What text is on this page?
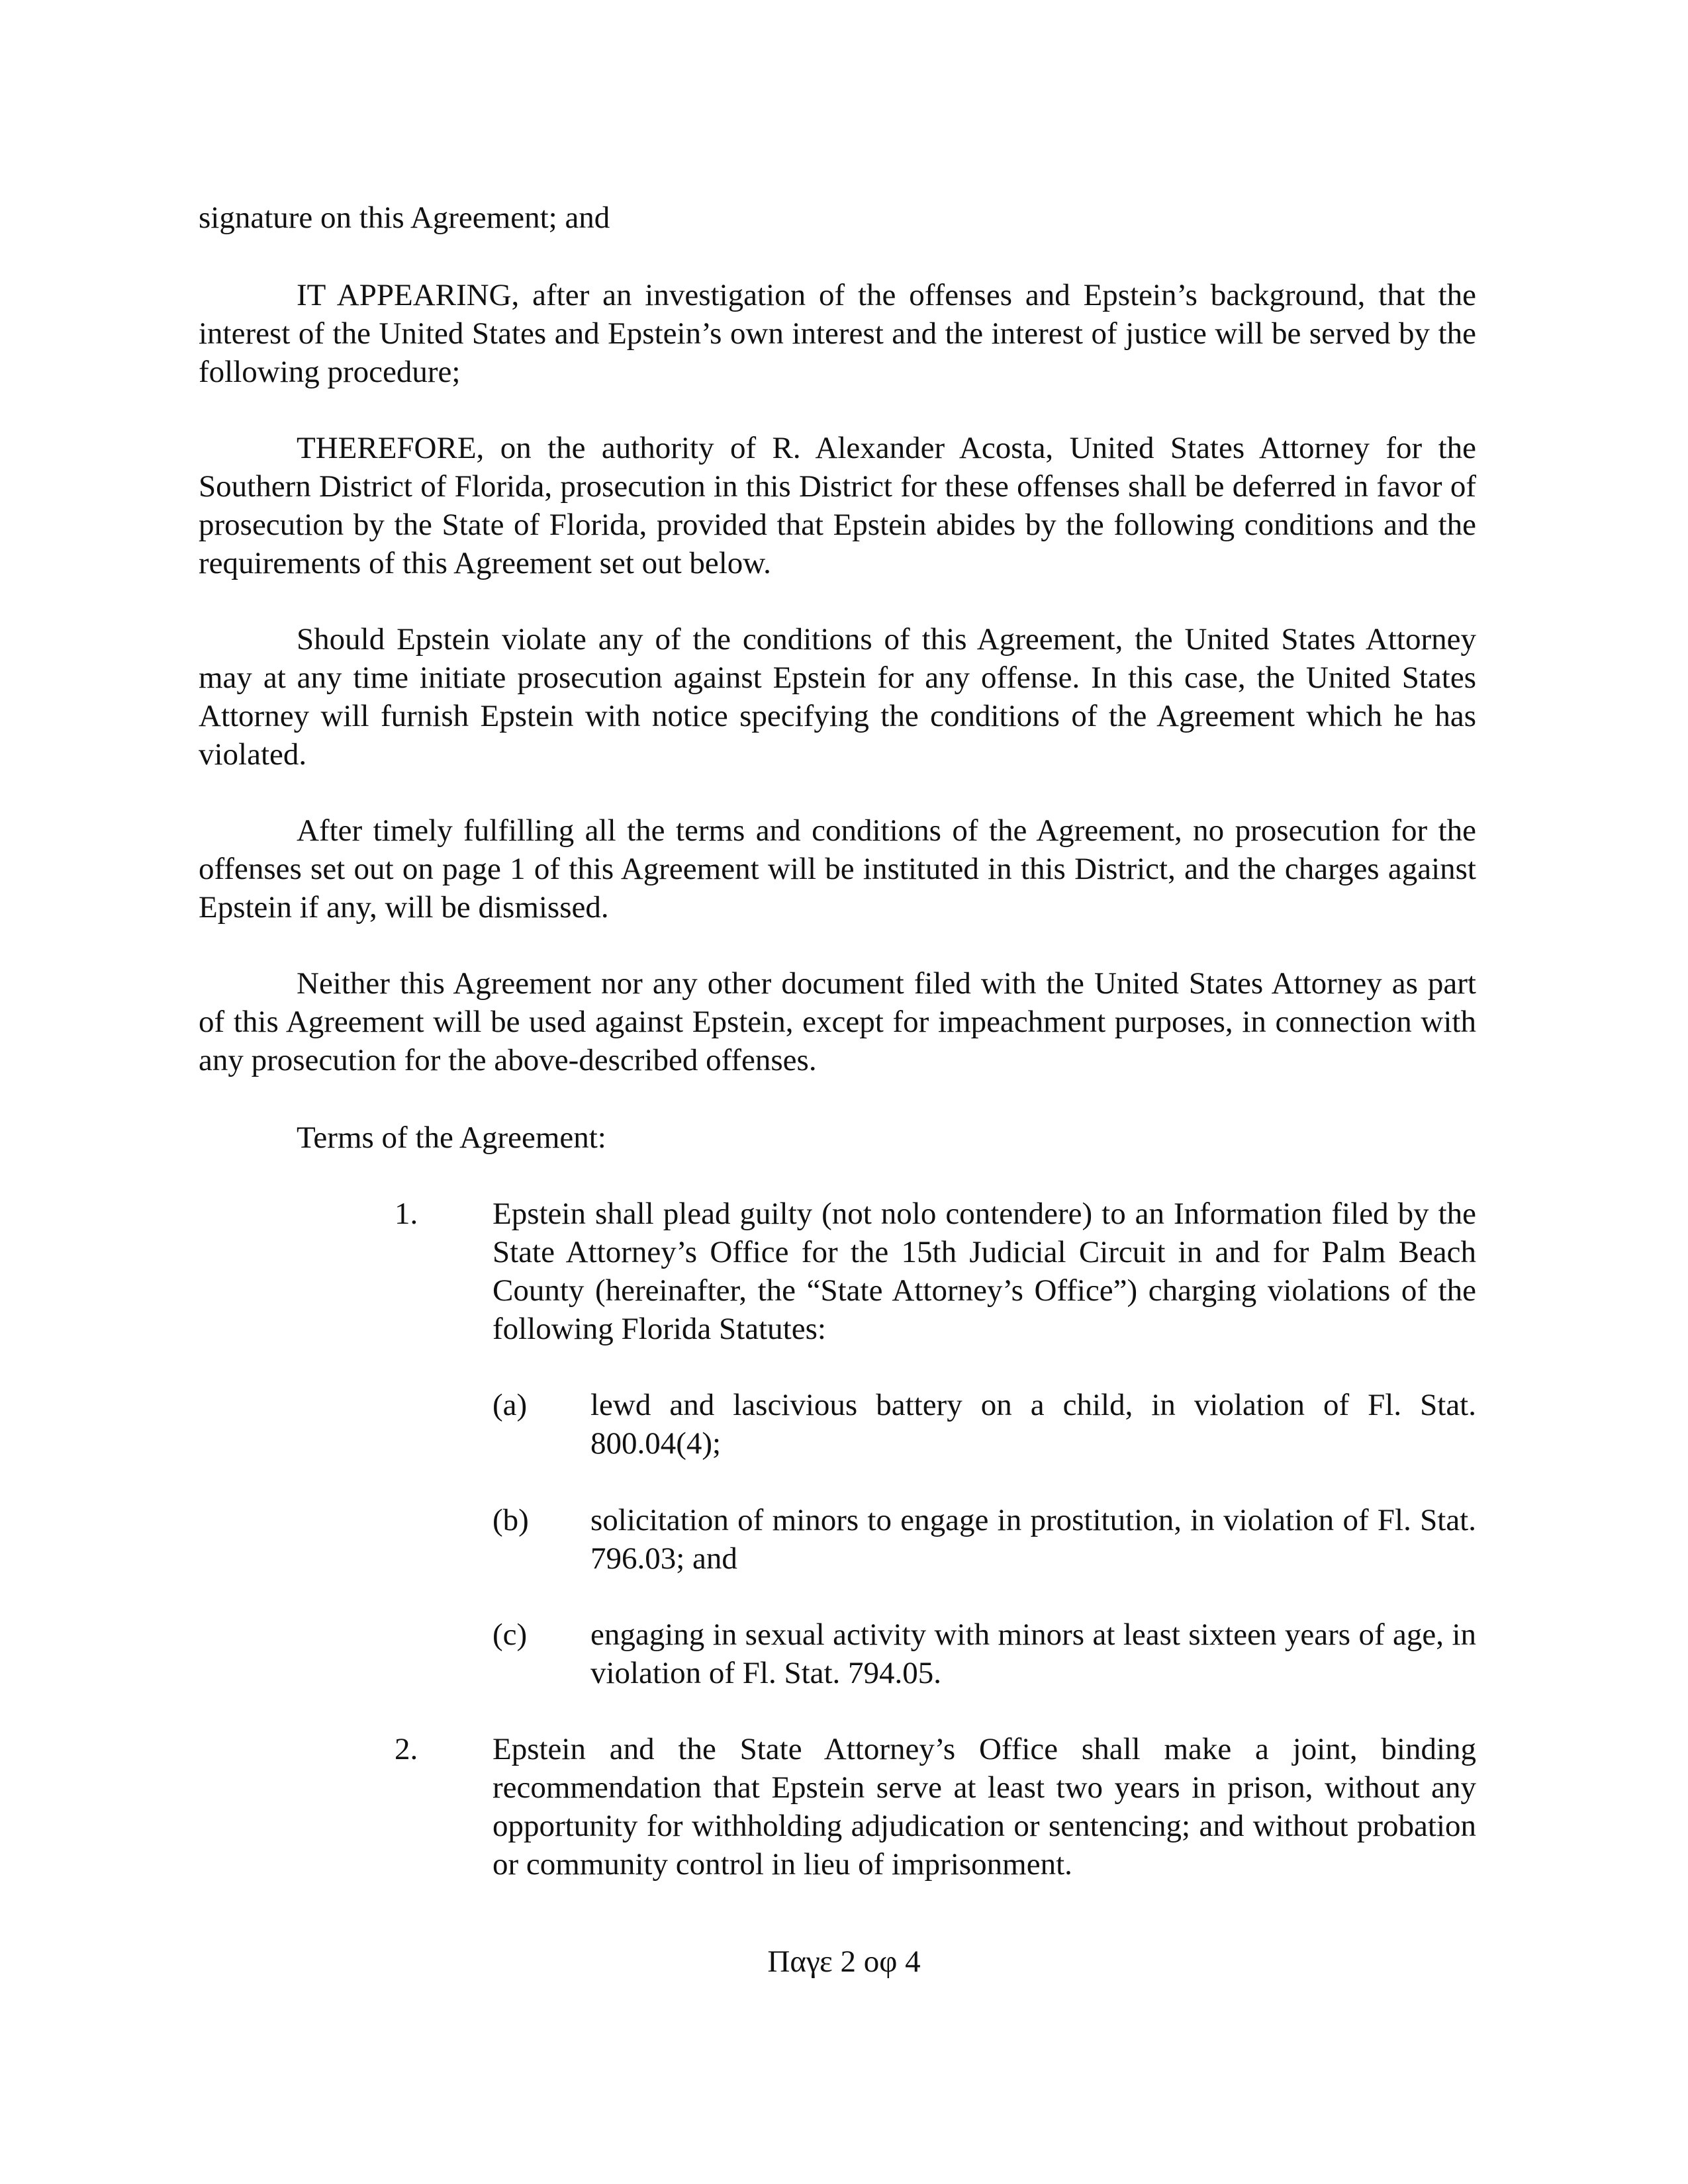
signature on this Agreement; and

IT APPEARING, after an investigation of the offenses and Epstein’s background, that the interest of the United States and Epstein’s own interest and the interest of justice will be served by the following procedure;

THEREFORE, on the authority of R. Alexander Acosta, United States Attorney for the Southern District of Florida, prosecution in this District for these offenses shall be deferred in favor of prosecution by the State of Florida, provided that Epstein abides by the following conditions and the requirements of this Agreement set out below.

Should Epstein violate any of the conditions of this Agreement, the United States Attorney may at any time initiate prosecution against Epstein for any offense. In this case, the United States Attorney will furnish Epstein with notice specifying the conditions of the Agreement which he has violated.

After timely fulfilling all the terms and conditions of the Agreement, no prosecution for the offenses set out on page 1 of this Agreement will be instituted in this District, and the charges against Epstein if any, will be dismissed.

Neither this Agreement nor any other document filed with the United States Attorney as part of this Agreement will be used against Epstein, except for impeachment purposes, in connection with any prosecution for the above-described offenses.

Terms of the Agreement:

1. Epstein shall plead guilty (not nolo contendere) to an Information filed by the State Attorney’s Office for the 15th Judicial Circuit in and for Palm Beach County (hereinafter, the “State Attorney’s Office”) charging violations of the following Florida Statutes:

(a) lewd and lascivious battery on a child, in violation of Fl. Stat. 800.04(4);

(b) solicitation of minors to engage in prostitution, in violation of Fl. Stat. 796.03; and

(c) engaging in sexual activity with minors at least sixteen years of age, in violation of Fl. Stat. 794.05.

2. Epstein and the State Attorney’s Office shall make a joint, binding recommendation that Epstein serve at least two years in prison, without any opportunity for withholding adjudication or sentencing; and without probation or community control in lieu of imprisonment.

Παγε 2 οφ 4
